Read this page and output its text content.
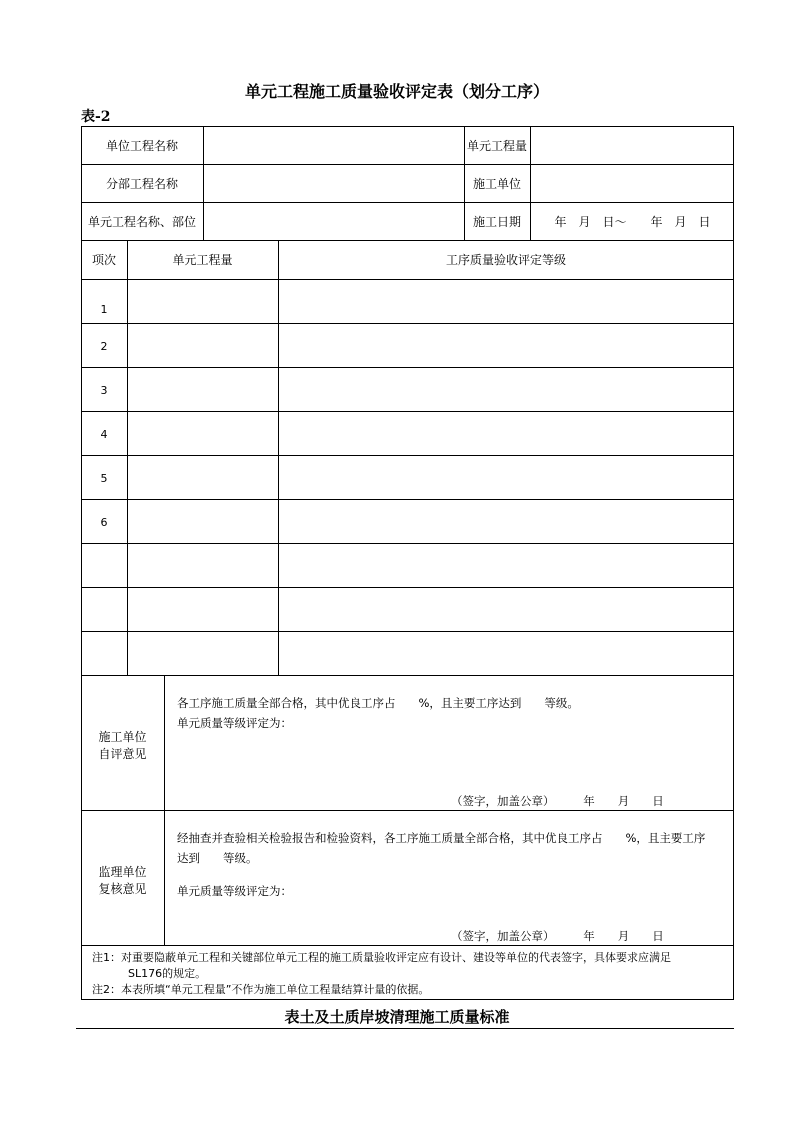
单元工程施工质量验收评定表（划分工序）
表-2
单位工程名称	单元工程量
分部工程名称	施工单位
单元工程名称、部位	施工日期	年　月　日～　　年　月　日
项次	单元工程量	工序质量验收评定等级
1
2
3
4
5
6
施工单位
自评意见
各工序施工质量全部合格，其中优良工序占　　%，且主要工序达到　　等级。
单元质量等级评定为：
（签字，加盖公章）　　　年　　月　　日
监理单位
复核意见
经抽查并查验相关检验报告和检验资料，各工序施工质量全部合格，其中优良工序占　　%，且主要工序
达到　　等级。
单元质量等级评定为：
（签字，加盖公章）　　　年　　月　　日
注1：对重要隐蔽单元工程和关键部位单元工程的施工质量验收评定应有设计、建设等单位的代表签字，具体要求应满足
SL176的规定。
注2：本表所填“单元工程量”不作为施工单位工程量结算计量的依据。
表土及土质岸坡清理施工质量标准
